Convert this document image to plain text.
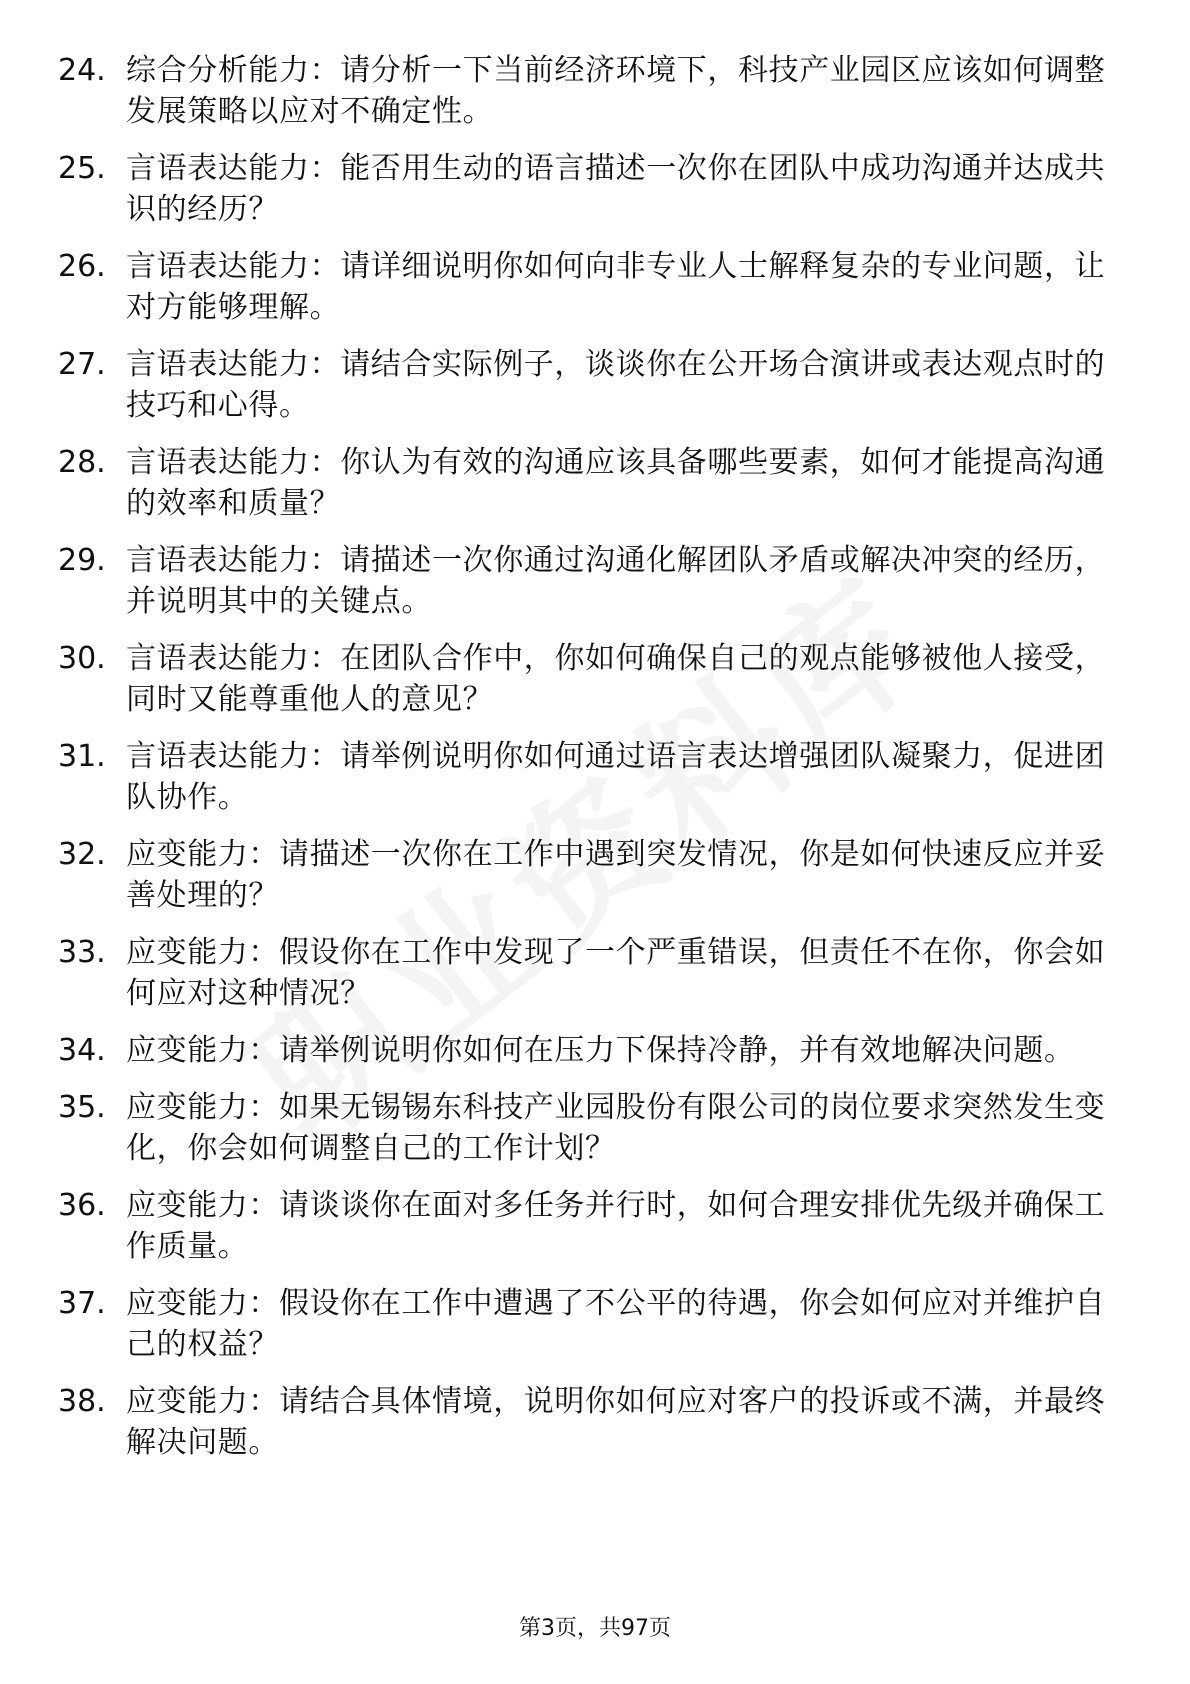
24. 综合分析能力：请分析一下当前经济环境下，科技产业园区应该如何调整发展策略以应对不确定性。
25. 言语表达能力：能否用生动的语言描述一次你在团队中成功沟通并达成共识的经历？
26. 言语表达能力：请详细说明你如何向非专业人士解释复杂的专业问题，让对方能够理解。
27. 言语表达能力：请结合实际例子，谈谈你在公开场合演讲或表达观点时的技巧和心得。
28. 言语表达能力：你认为有效的沟通应该具备哪些要素，如何才能提高沟通的效率和质量？
29. 言语表达能力：请描述一次你通过沟通化解团队矛盾或解决冲突的经历，并说明其中的关键点。
30. 言语表达能力：在团队合作中，你如何确保自己的观点能够被他人接受，同时又能尊重他人的意见？
31. 言语表达能力：请举例说明你如何通过语言表达增强团队凝聚力，促进团队协作。
32. 应变能力：请描述一次你在工作中遇到突发情况，你是如何快速反应并妥善处理的？
33. 应变能力：假设你在工作中发现了一个严重错误，但责任不在你，你会如何应对这种情况？
34. 应变能力：请举例说明你如何在压力下保持冷静，并有效地解决问题。
35. 应变能力：如果无锡锡东科技产业园股份有限公司的岗位要求突然发生变化，你会如何调整自己的工作计划？
36. 应变能力：请谈谈你在面对多任务并行时，如何合理安排优先级并确保工作质量。
37. 应变能力：假设你在工作中遭遇了不公平的待遇，你会如何应对并维护自己的权益？
38. 应变能力：请结合具体情境，说明你如何应对客户的投诉或不满，并最终解决问题。
第3页，共97页
